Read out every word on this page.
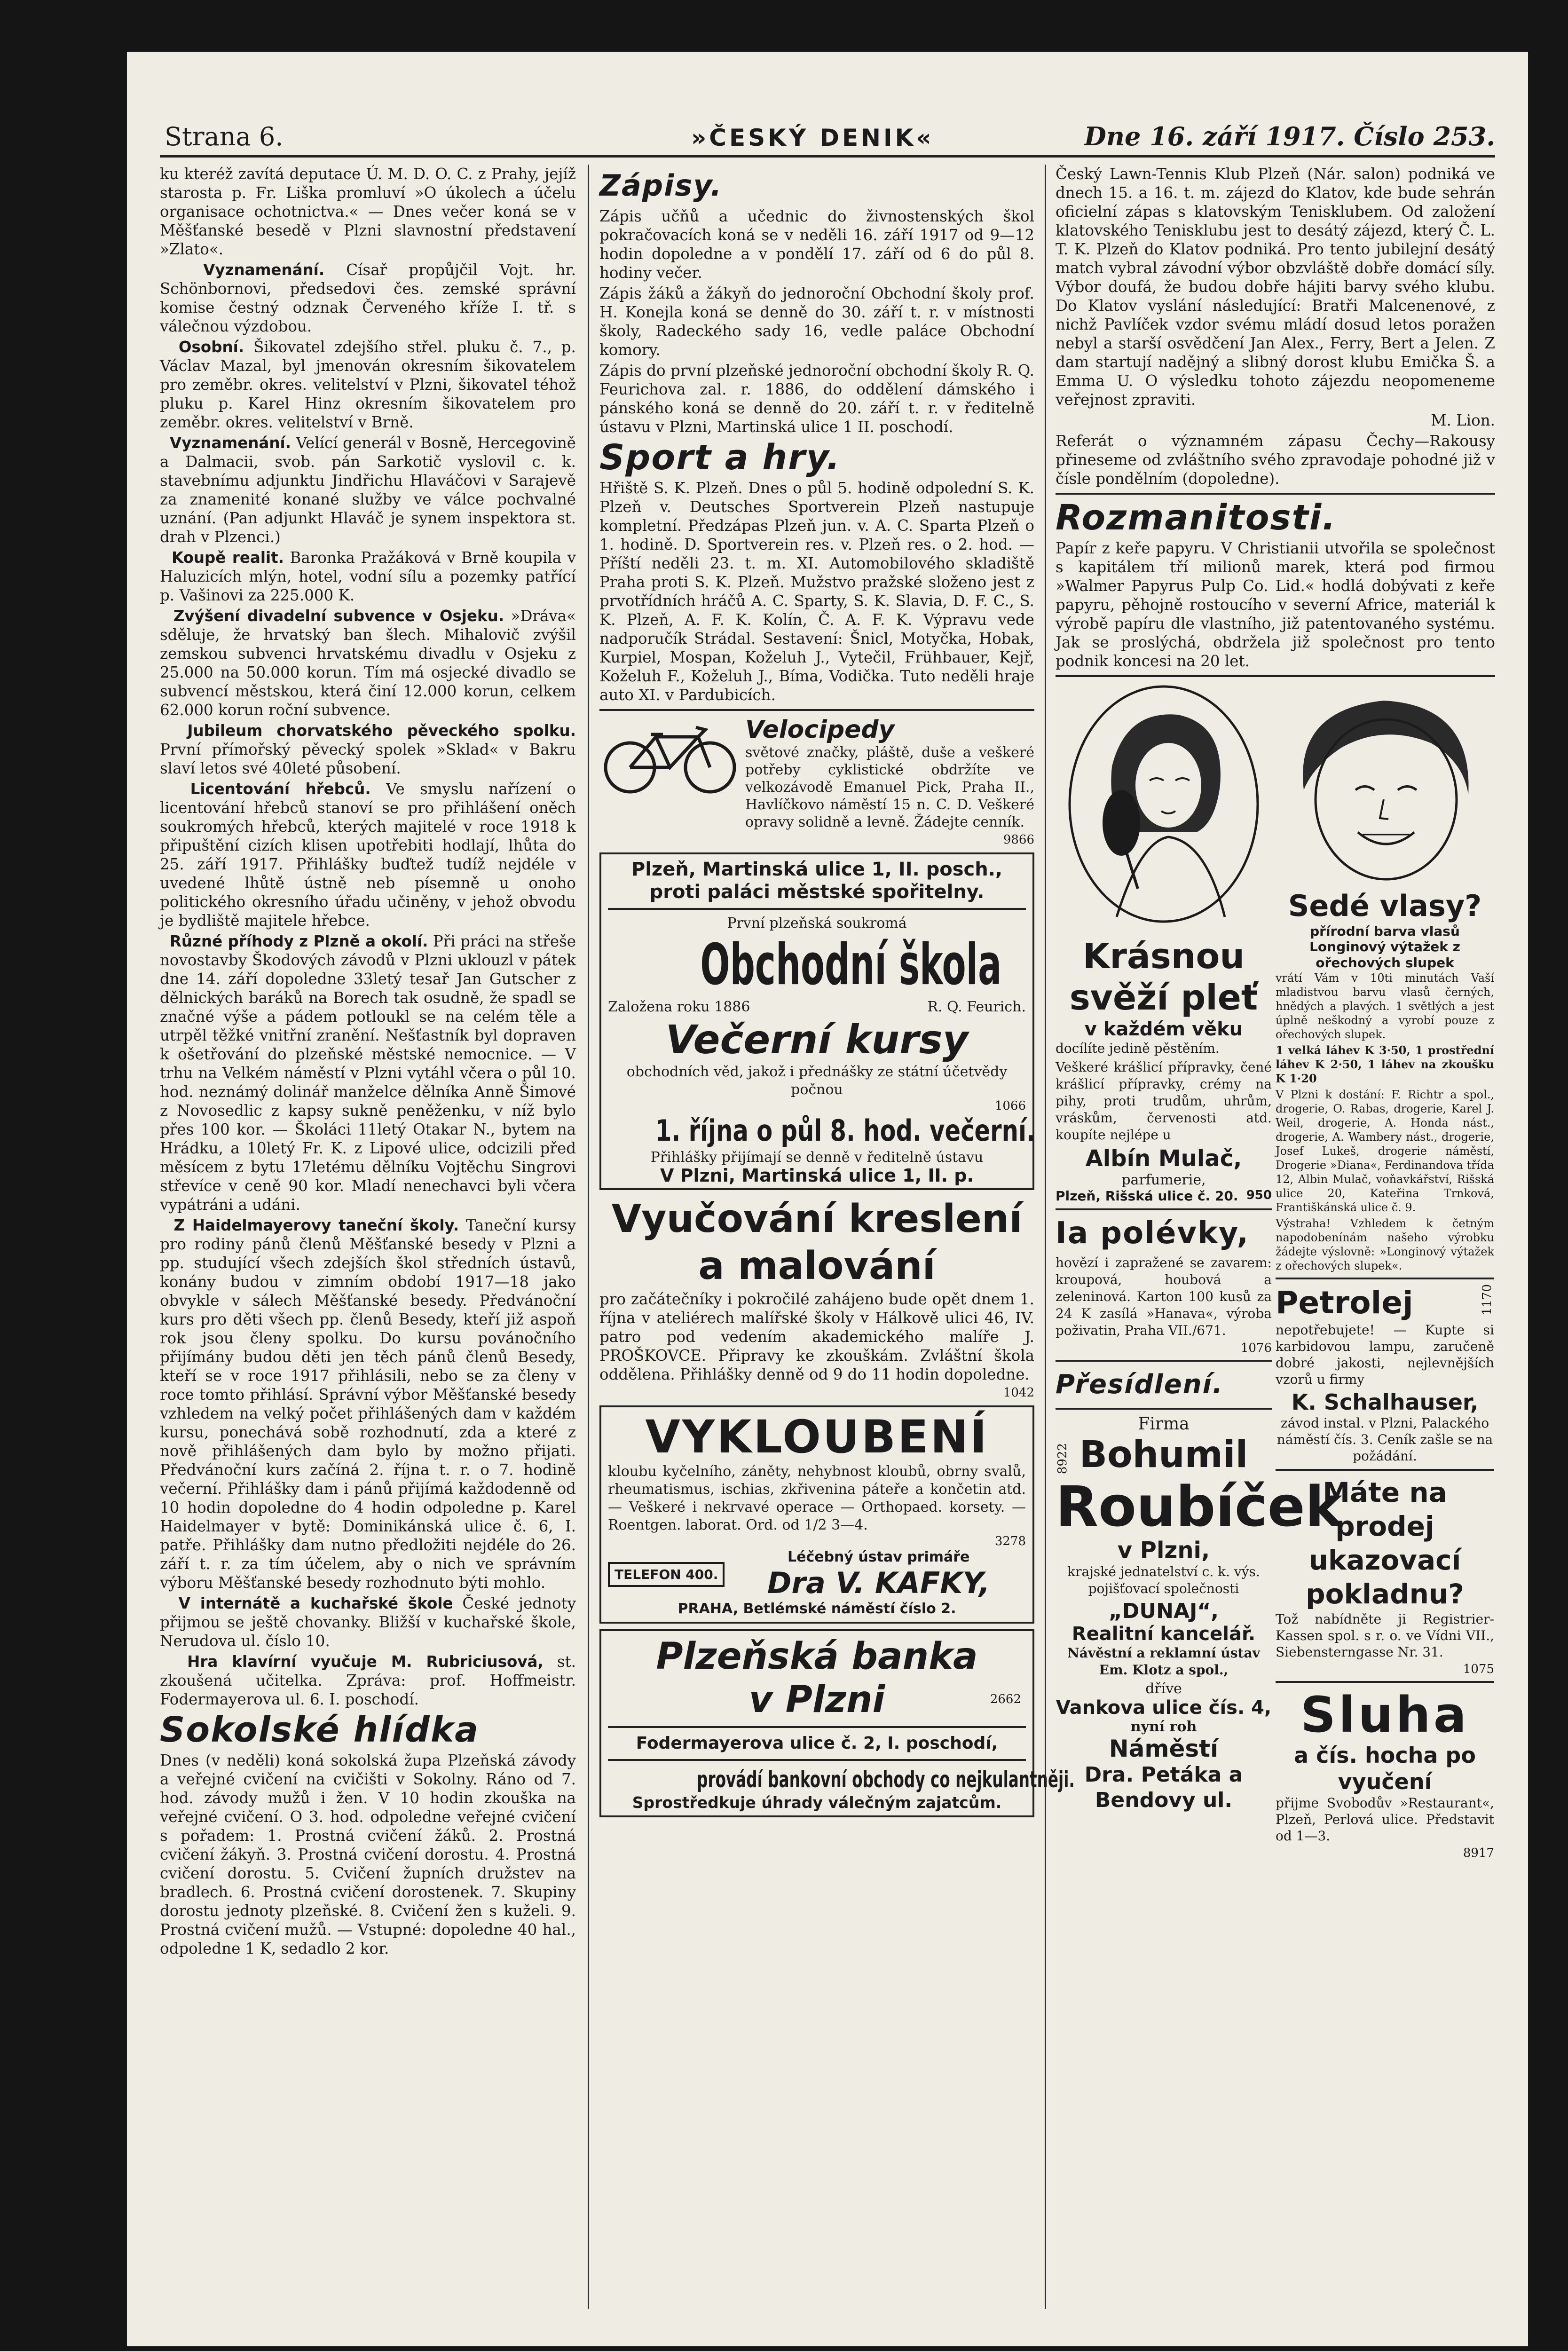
Strana 6.	»ČESKÝ DENIK«	Dne 16. září 1917. Číslo 253.

ku kteréž zavítá deputace Ú. M. D. O. C. z Prahy, jejíž starosta p. Fr. Liška promluví »O úkolech a účelu organisace ochotnictva.« — Dnes večer koná se v Měšťanské besedě v Plzni slavnostní představení »Zlato«.

Vyznamenání. Císař propůjčil Vojt. hr. Schönbornovi, předsedovi čes. zemské správní komise čestný odznak Červeného kříže I. tř. s válečnou výzdobou.

Osobní. Šikovatel zdejšího střel. pluku č. 7., p. Václav Mazal, byl jmenován okresním šikovatelem pro zeměbr. okres. velitelství v Plzni, šikovatel téhož pluku p. Karel Hinz okresním šikovatelem pro zeměbr. okres. velitelství v Brně.

Vyznamenání. Velící generál v Bosně, Hercegovině a Dalmacii, svob. pán Sarkotič vyslovil c. k. stavebnímu adjunktu Jindřichu Hlaváčovi v Sarajevě za znamenité konané služby ve válce pochvalné uznání. (Pan adjunkt Hlaváč je synem inspektora st. drah v Plzenci.)

Koupě realit. Baronka Pražáková v Brně koupila v Haluzicích mlýn, hotel, vodní sílu a pozemky patřící p. Vašinovi za 225.000 K.

Zvýšení divadelní subvence v Osjeku. »Dráva« sděluje, že hrvatský ban šlech. Mihalovič zvýšil zemskou subvenci hrvatskému divadlu v Osjeku z 25.000 na 50.000 korun. Tím má osjecké divadlo se subvencí městskou, která činí 12.000 korun, celkem 62.000 korun roční subvence.

Jubileum chorvatského pěveckého spolku. První přímořský pěvecký spolek »Sklad« v Bakru slaví letos své 40leté působení.

Licentování hřebců. Ve smyslu nařízení o licentování hřebců stanoví se pro přihlášení oněch soukromých hřebců, kterých majitelé v roce 1918 k připuštění cizích klisen upotřebiti hodlají, lhůta do 25. září 1917. Přihlášky buďtež tudíž nejdéle v uvedené lhůtě ústně neb písemně u onoho politického okresního úřadu učiněny, v jehož obvodu je bydliště majitele hřebce.

Různé příhody z Plzně a okolí. Při práci na střeše novostavby Škodových závodů v Plzni uklouzl v pátek dne 14. září dopoledne 33letý tesař Jan Gutscher z dělnických baráků na Borech tak osudně, že spadl se značné výše a pádem potloukl se na celém těle a utrpěl těžké vnitřní zranění. Nešťastník byl dopraven k ošetřování do plzeňské městské nemocnice. — V trhu na Velkém náměstí v Plzni vytáhl včera o půl 10. hod. neznámý dolinář manželce dělníka Anně Šimové z Novosedlic z kapsy sukně peněženku, v níž bylo přes 100 kor. — Školáci 11letý Otakar N., bytem na Hrádku, a 10letý Fr. K. z Lipové ulice, odcizili před měsícem z bytu 17letému dělníku Vojtěchu Singrovi střevíce v ceně 90 kor. Mladí nenechavci byli včera vypátráni a udáni.

Z Haidelmayerovy taneční školy. Taneční kursy pro rodiny pánů členů Měšťanské besedy v Plzni a pp. studující všech zdejších škol středních ústavů, konány budou v zimním období 1917—18 jako obvykle v sálech Měšťanské besedy. Předvánoční kurs pro děti všech pp. členů Besedy, kteří již aspoň rok jsou členy spolku. Do kursu povánočního přijímány budou děti jen těch pánů členů Besedy, kteří se v roce 1917 přihlásili, nebo se za členy v roce tomto přihlásí. Správní výbor Měšťanské besedy vzhledem na velký počet přihlášených dam v každém kursu, ponechává sobě rozhodnutí, zda a které z nově přihlášených dam bylo by možno přijati. Předvánoční kurs začíná 2. října t. r. o 7. hodině večerní. Přihlášky dam i pánů přijímá každodenně od 10 hodin dopoledne do 4 hodin odpoledne p. Karel Haidelmayer v bytě: Dominikánská ulice č. 6, I. patře. Přihlášky dam nutno předložiti nejdéle do 26. září t. r. za tím účelem, aby o nich ve správním výboru Měšťanské besedy rozhodnuto býti mohlo.

V internátě a kuchařské škole České jednoty přijmou se ještě chovanky. Bližší v kuchařské škole, Nerudova ul. číslo 10.

Hra klavírní vyučuje M. Rubriciusová, st. zkoušená učitelka. Zpráva: prof. Hoffmeistr. Fodermayerova ul. 6. I. poschodí.

Sokolské hlídka

Dnes (v neděli) koná sokolská župa Plzeňská závody a veřejné cvičení na cvičišti v Sokolny. Ráno od 7. hod. závody mužů i žen. V 10 hodin zkouška na veřejné cvičení. O 3. hod. odpoledne veřejné cvičení s pořadem: 1. Prostná cvičení žáků. 2. Prostná cvičení žákyň. 3. Prostná cvičení dorostu. 4. Prostná cvičení dorostu. 5. Cvičení župních družstev na bradlech. 6. Prostná cvičení dorostenek. 7. Skupiny dorostu jednoty plzeňské. 8. Cvičení žen s kuželi. 9. Prostná cvičení mužů. — Vstupné: dopoledne 40 hal., odpoledne 1 K, sedadlo 2 kor.

Zápisy.

Zápis učňů a učednic do živnostenských škol pokračovacích koná se v neděli 16. září 1917 od 9—12 hodin dopoledne a v pondělí 17. září od 6 do půl 8. hodiny večer.

Zápis žáků a žákyň do jednoroční Obchodní školy prof. H. Konejla koná se denně do 30. září t. r. v místnosti školy, Radeckého sady 16, vedle paláce Obchodní komory.

Zápis do první plzeňské jednoroční obchodní školy R. Q. Feurichova zal. r. 1886, do oddělení dámského i pánského koná se denně do 20. září t. r. v ředitelně ústavu v Plzni, Martinská ulice 1 II. poschodí.

Sport a hry.

Hřiště S. K. Plzeň. Dnes o půl 5. hodině odpolední S. K. Plzeň v. Deutsches Sportverein Plzeň nastupuje kompletní. Předzápas Plzeň jun. v. A. C. Sparta Plzeň o 1. hodině. D. Sportverein res. v. Plzeň res. o 2. hod. — Příští neděli 23. t. m. XI. Automobilového skladiště Praha proti S. K. Plzeň. Mužstvo pražské složeno jest z prvotřídních hráčů A. C. Sparty, S. K. Slavia, D. F. C., S. K. Plzeň, A. F. K. Kolín, Č. A. F. K. Výpravu vede nadporučík Strádal. Sestavení: Šnicl, Motyčka, Hobak, Kurpiel, Mospan, Koželuh J., Vytečil, Frühbauer, Kejř, Koželuh F., Koželuh J., Bíma, Vodička. Tuto neděli hraje auto XI. v Pardubicích.

Velocipedy

světové značky, pláště, duše a veškeré potřeby cyklistické obdržíte ve velkozávodě Emanuel Pick, Praha II., Havlíčkovo náměstí 15 n. C. D. Veškeré opravy solidně a levně. Žádejte cenník.

9866

Plzeň, Martinská ulice 1, II. posch., proti paláci městské spořitelny.

První plzeňská soukromá

Obchodní škola
Založena roku 1886	R. Q. Feurich.
Večerní kursy

obchodních věd, jakož i přednášky ze státní účetvědy počnou

1066
1. října o půl 8. hod. večerní.

Přihlášky přijímají se denně v ředitelně ústavu

V Plzni, Martinská ulice 1, II. p.

Vyučování kreslení a malování

pro začátečníky i pokročilé zahájeno bude opět dnem 1. října v ateliérech malířské školy v Hálkově ulici 46, IV. patro pod vedením akademického malíře J. PROŠKOVCE. Připravy ke zkouškám. Zvláštní škola oddělena. Přihlášky denně od 9 do 11 hodin dopoledne.

1042
VYKLOUBENÍ

kloubu kyčelního, záněty, nehybnost kloubů, obrny svalů, rheumatismus, ischias, zkřivenina páteře a končetin atd. — Veškeré i nekrvavé operace — Orthopaed. korsety. — Roentgen. laborat. Ord. od 1/2 3—4.

3278
TELEFON 400.
Léčebný ústav primáře
Dra V. KAFKY,

PRAHA, Betlémské náměstí číslo 2.

Plzeňská banka
v Plzni	2662

Fodermayerova ulice č. 2, I. poschodí,

provádí bankovní obchody co nejkulantněji.

Sprostředkuje úhrady válečným zajatcům.

Český Lawn-Tennis Klub Plzeň (Nár. salon) podniká ve dnech 15. a 16. t. m. zájezd do Klatov, kde bude sehrán oficielní zápas s klatovským Tenisklubem. Od založení klatovského Tenisklubu jest to desátý zájezd, který Č. L. T. K. Plzeň do Klatov podniká. Pro tento jubilejní desátý match vybral závodní výbor obzvláště dobře domácí síly. Výbor doufá, že budou dobře hájiti barvy svého klubu. Do Klatov vyslání následující: Bratři Malcenenové, z nichž Pavlíček vzdor svému mládí dosud letos poražen nebyl a starší osvědčení Jan Alex., Ferry, Bert a Jelen. Z dam startují nadějný a slibný dorost klubu Emička Š. a Emma U. O výsledku tohoto zájezdu neopomeneme veřejnost zpraviti.

M. Lion.

Referát o významném zápasu Čechy—Rakousy přineseme od zvláštního svého zpravodaje pohodné již v čísle pondělním (dopoledne).

Rozmanitosti.

Papír z keře papyru. V Christianii utvořila se společnost s kapitálem tří milionů marek, která pod firmou »Walmer Papyrus Pulp Co. Lid.« hodlá dobývati z keře papyru, pěhojně rostoucího v severní Africe, materiál k výrobě papíru dle vlastního, již patentovaného systému. Jak se proslýchá, obdržela již společnost pro tento podnik koncesi na 20 let.

Krásnou svěží pleť
v každém věku

docílíte jedině pěstěním.

Veškeré krášlicí přípravky, čené krášlicí přípravky, crémy na pihy, proti trudům, uhrům, vráskům, červenosti atd. koupíte nejlépe u

Albín Mulač,
parfumerie,
Plzeň, Rišská ulice č. 20. 950
Ia polévky,

hovězí i zapražené se zavarem: kroupová, houbová a zeleninová. Karton 100 kusů za 24 K zasílá »Hanava«, výroba poživatin, Praha VII./671.

1076
Přesídlení.
Firma
Bohumil
8922
Roubíček
v Plzni,

krajské jednatelství c. k. výs. pojišťovací společnosti

„DUNAJ“,
Realitní kancelář.

Návěstní a reklamní ústav Em. Klotz a spol.,

dříve
Vankova ulice čís. 4,
nyní roh
Náměstí
Dra. Petáka a Bendovy ul.
Sedé vlasy?
přírodní barva vlasů
Longinový výtažek z ořechových slupek

vrátí Vám v 10ti minutách Vaší mladistvou barvu vlasů černých, hnědých a plavých. 1 světlých a jest úplně neškodný a vyrobí pouze z ořechových slupek.

1 velká láhev K 3·50, 1 prostřední láhev K 2·50, 1 láhev na zkoušku K 1·20

V Plzni k dostání: F. Richtr a spol., drogerie, O. Rabas, drogerie, Karel J. Weil, drogerie, A. Honda nást., drogerie, A. Wambery nást., drogerie, Josef Lukeš, drogerie náměstí, Drogerie »Diana«, Ferdinandova třída 12, Albin Mulač, voňavkářství, Rišská ulice 20, Kateřina Trnková, Františkánská ulice č. 9.

Výstraha! Vzhledem k četným napodobenínám našeho výrobku žádejte výslovně: »Longinový výtažek z ořechových slupek«.

Petrolej	1170

nepotřebujete! — Kupte si karbidovou lampu, zaručeně dobré jakosti, nejlevnějších vzorů u firmy

K. Schalhauser,

závod instal. v Plzni, Palackého náměstí čís. 3. Ceník zašle se na požádání.

Máte na prodej ukazovací pokladnu?

Tož nabídněte ji Registrier-Kassen spol. s r. o. ve Vídni VII., Siebensterngasse Nr. 31.

1075
Sluha
a čís. hocha po vyučení

přijme Svobodův »Restaurant«, Plzeň, Perlová ulice. Představit od 1—3.

8917
